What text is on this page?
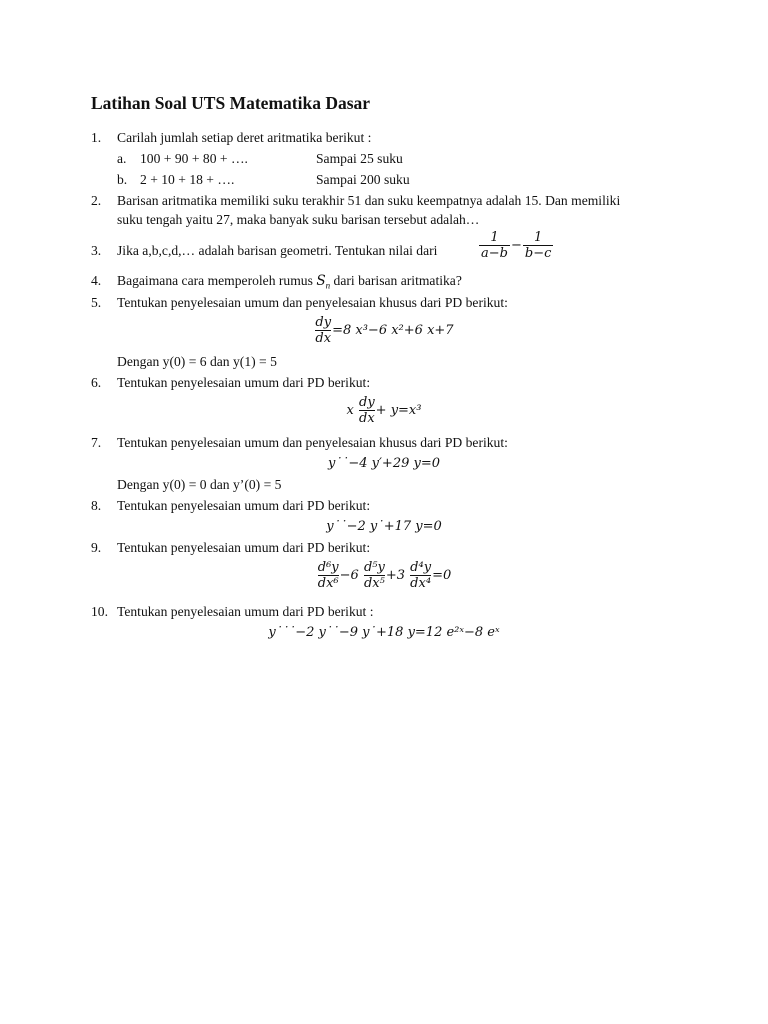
Latihan Soal UTS Matematika Dasar
1. Carilah jumlah setiap deret aritmatika berikut :
a. 100 + 90 + 80 + ….	Sampai 25 suku
b. 2 + 10 + 18 + ….	Sampai 200 suku
2. Barisan aritmatika memiliki suku terakhir 51 dan suku keempatnya adalah 15. Dan memiliki
suku tengah yaitu 27, maka banyak suku barisan tersebut adalah…
3. Jika a,b,c,d,… adalah barisan geometri. Tentukan nilai dari	$\frac{1}{a-b} - \frac{1}{b-c}$
4. Bagaimana cara memperoleh rumus $S_n$ dari barisan aritmatika?
5. Tentukan penyelesaian umum dan penyelesaian khusus dari PD berikut:
$\frac{dy}{dx} =8$ x³−6 x²+6 x+7
Dengan y(0) = 6 dan y(1) = 5
6. Tentukan penyelesaian umum dari PD berikut:
x $\frac{dy}{dx} + y=x^3$
7. Tentukan penyelesaian umum dan penyelesaian khusus dari PD berikut:
y˙˙−4 y′+29 y=0
Dengan y(0) = 0 dan y’(0) = 5
8. Tentukan penyelesaian umum dari PD berikut:
y˙˙−2 y˙+17 y=0
9. Tentukan penyelesaian umum dari PD berikut:
$\frac{\text{d⁶y}}{\text{dx⁶}} -6 \frac{\text{d⁵y}}{\text{dx⁵}} +3 \frac{\text{d⁴y}}{\text{dx⁴}} =0$
10. Tentukan penyelesaian umum dari PD berikut :
y˙˙˙−2 y˙˙−9 y˙+18 y=12 e²ˣ−8 eˣ
